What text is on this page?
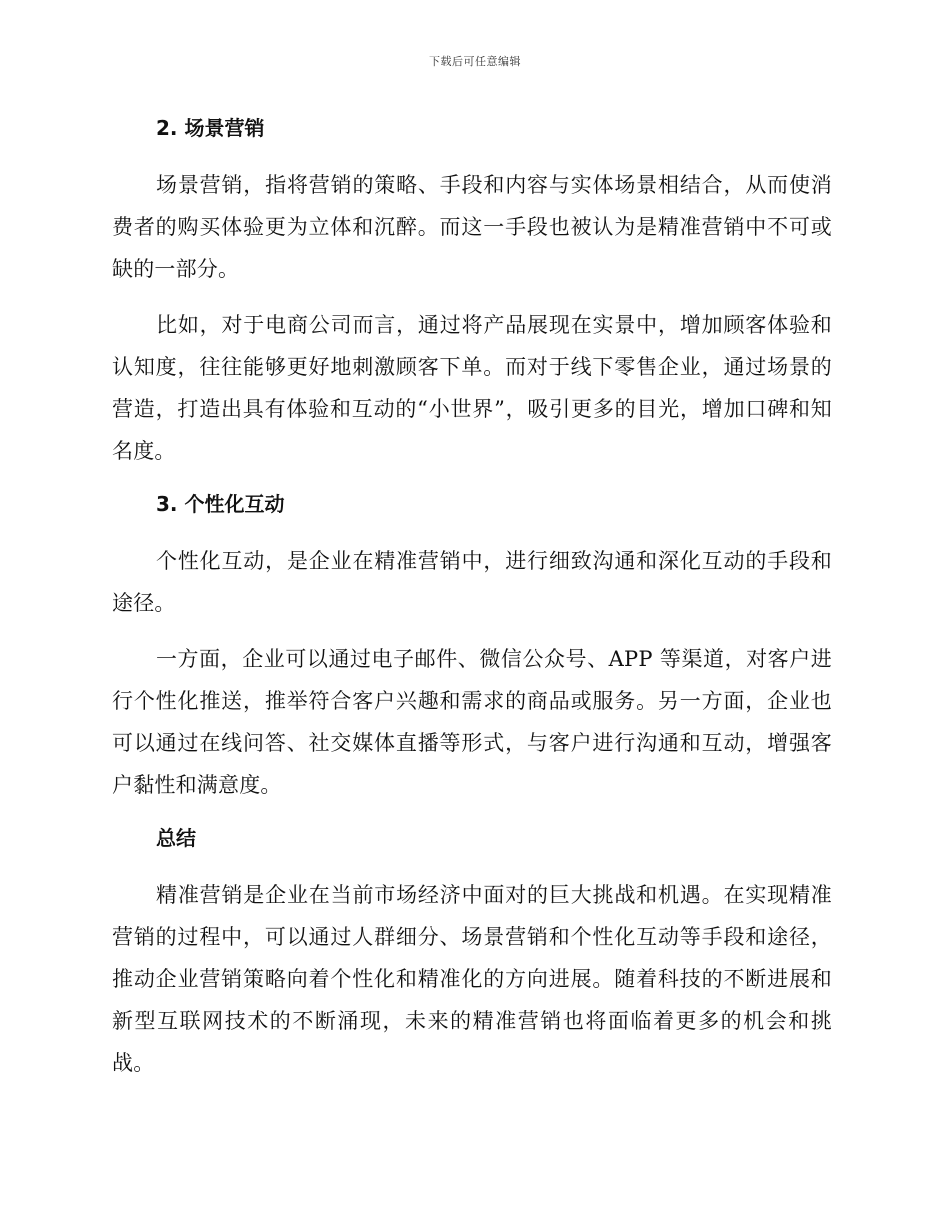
下载后可任意编辑
2. 场景营销

场景营销，指将营销的策略、手段和内容与实体场景相结合，从而使消费者的购买体验更为立体和沉醉。而这一手段也被认为是精准营销中不可或缺的一部分。

比如，对于电商公司而言，通过将产品展现在实景中，增加顾客体验和认知度，往往能够更好地刺激顾客下单。而对于线下零售企业，通过场景的营造，打造出具有体验和互动的“小世界”，吸引更多的目光，增加口碑和知名度。

3. 个性化互动

个性化互动，是企业在精准营销中，进行细致沟通和深化互动的手段和途径。

一方面，企业可以通过电子邮件、微信公众号、APP 等渠道，对客户进行个性化推送，推举符合客户兴趣和需求的商品或服务。另一方面，企业也可以通过在线问答、社交媒体直播等形式，与客户进行沟通和互动，增强客户黏性和满意度。

总结

精准营销是企业在当前市场经济中面对的巨大挑战和机遇。在实现精准营销的过程中，可以通过人群细分、场景营销和个性化互动等手段和途径，推动企业营销策略向着个性化和精准化的方向进展。随着科技的不断进展和新型互联网技术的不断涌现，未来的精准营销也将面临着更多的机会和挑战。
